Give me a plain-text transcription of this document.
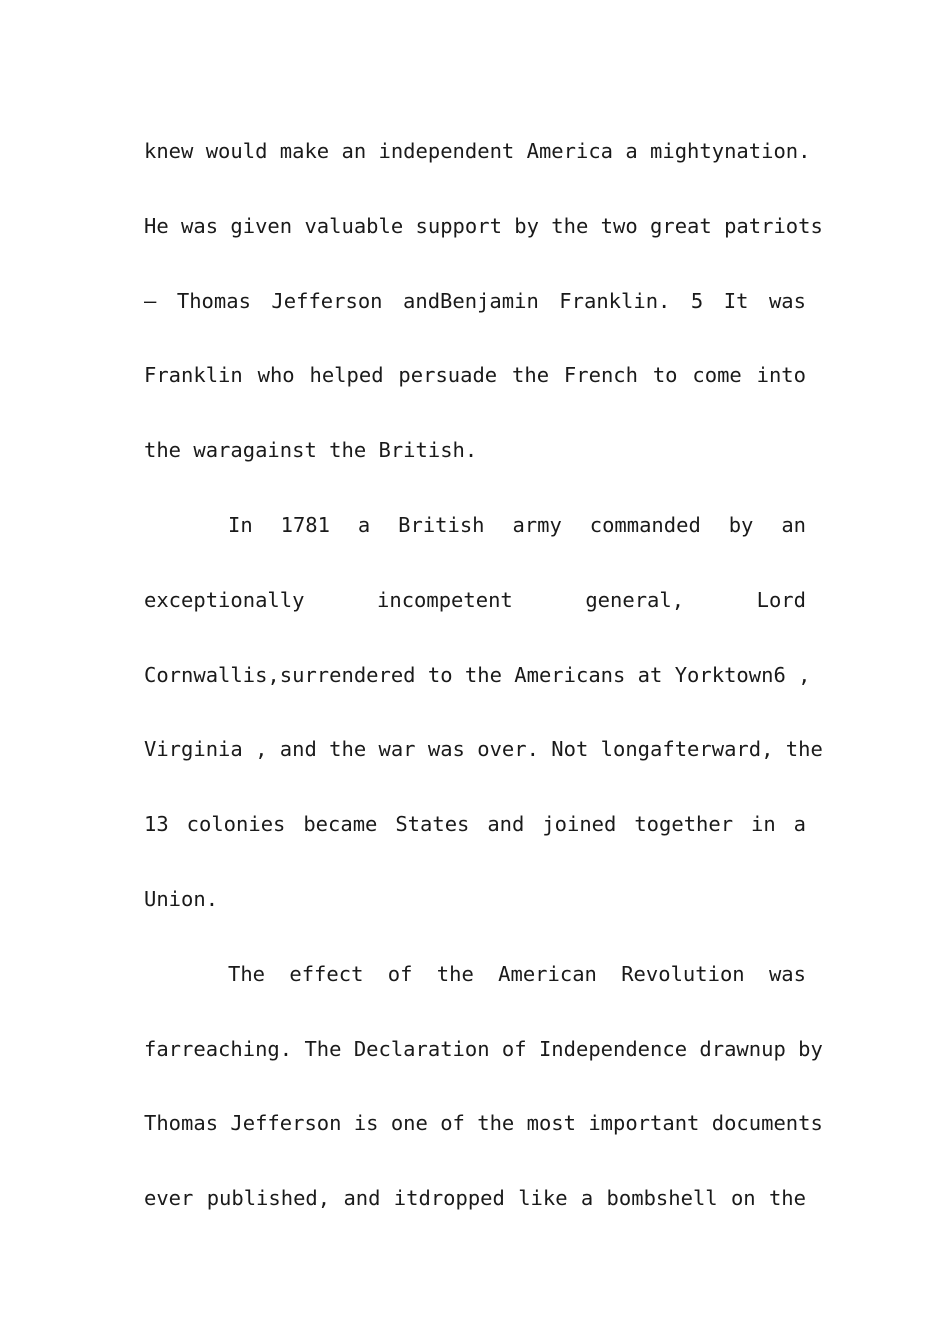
knew would make an independent America a mightynation.
He was given valuable support by the two great patriots
— Thomas Jefferson andBenjamin Franklin. 5 It was
Franklin who helped persuade the French to come into
the waragainst the British.
In 1781 a British army commanded by an
exceptionally incompetent general, Lord
Cornwallis,surrendered to the Americans at Yorktown6 ,
Virginia , and the war was over. Not longafterward, the
13 colonies became States and joined together in a
Union.
The effect of the American Revolution was
farreaching. The Declaration of Independence drawnup by
Thomas Jefferson is one of the most important documents
ever published, and itdropped like a bombshell on the
